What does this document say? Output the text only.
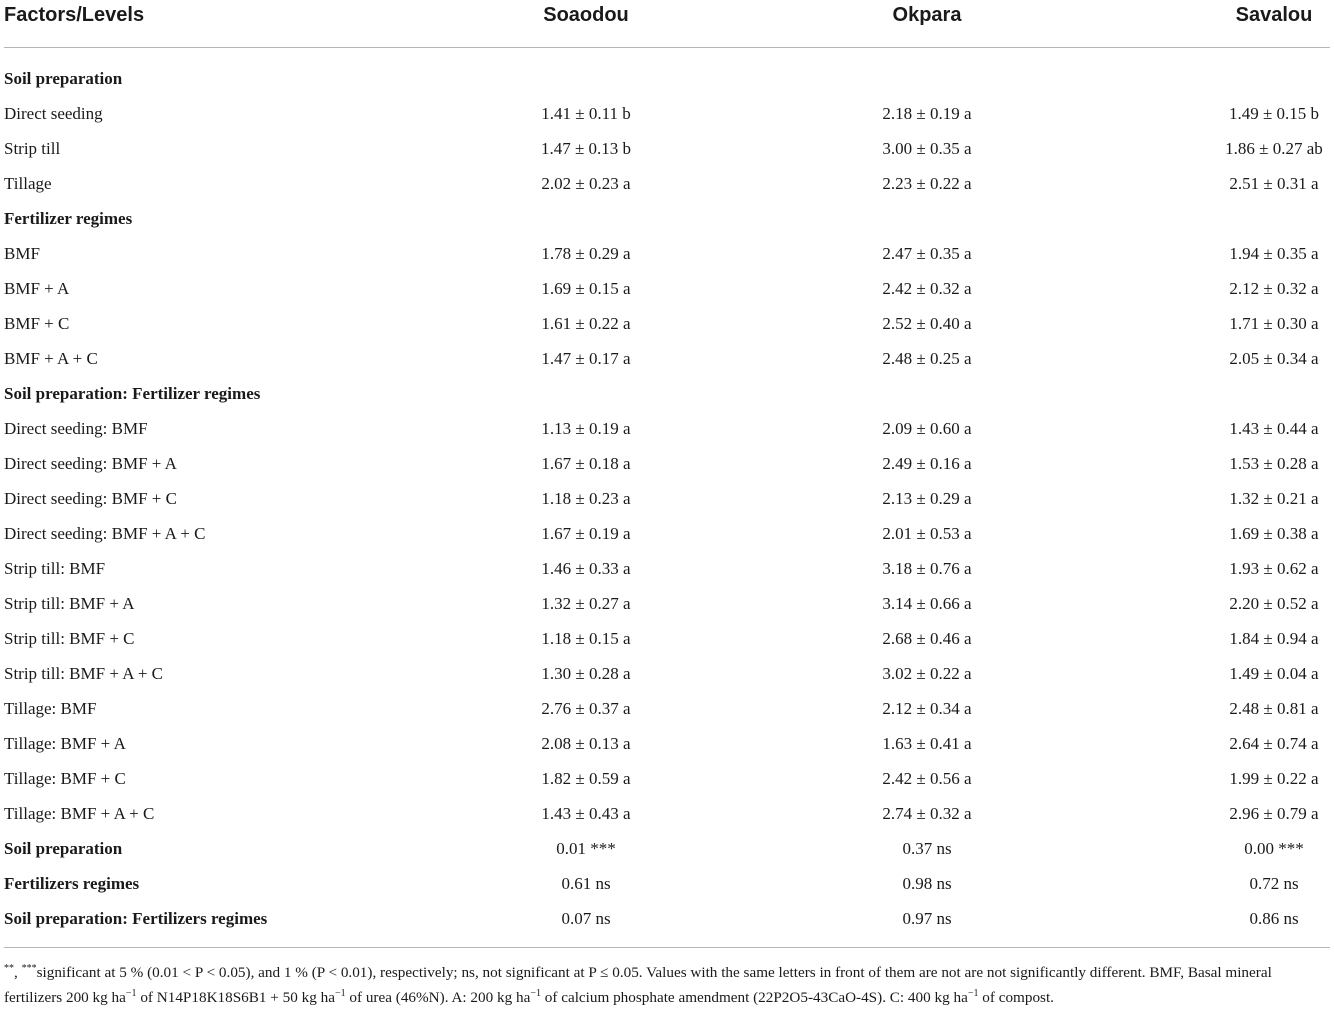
Factors/Levels	Soaodou	Okpara	Savalou
Soil preparation
Direct seeding	1.41 ± 0.11 b	2.18 ± 0.19 a	1.49 ± 0.15 b
Strip till	1.47 ± 0.13 b	3.00 ± 0.35 a	1.86 ± 0.27 ab
Tillage	2.02 ± 0.23 a	2.23 ± 0.22 a	2.51 ± 0.31 a
Fertilizer regimes
BMF	1.78 ± 0.29 a	2.47 ± 0.35 a	1.94 ± 0.35 a
BMF + A	1.69 ± 0.15 a	2.42 ± 0.32 a	2.12 ± 0.32 a
BMF + C	1.61 ± 0.22 a	2.52 ± 0.40 a	1.71 ± 0.30 a
BMF + A + C	1.47 ± 0.17 a	2.48 ± 0.25 a	2.05 ± 0.34 a
Soil preparation: Fertilizer regimes
Direct seeding: BMF	1.13 ± 0.19 a	2.09 ± 0.60 a	1.43 ± 0.44 a
Direct seeding: BMF + A	1.67 ± 0.18 a	2.49 ± 0.16 a	1.53 ± 0.28 a
Direct seeding: BMF + C	1.18 ± 0.23 a	2.13 ± 0.29 a	1.32 ± 0.21 a
Direct seeding: BMF + A + C	1.67 ± 0.19 a	2.01 ± 0.53 a	1.69 ± 0.38 a
Strip till: BMF	1.46 ± 0.33 a	3.18 ± 0.76 a	1.93 ± 0.62 a
Strip till: BMF + A	1.32 ± 0.27 a	3.14 ± 0.66 a	2.20 ± 0.52 a
Strip till: BMF + C	1.18 ± 0.15 a	2.68 ± 0.46 a	1.84 ± 0.94 a
Strip till: BMF + A + C	1.30 ± 0.28 a	3.02 ± 0.22 a	1.49 ± 0.04 a
Tillage: BMF	2.76 ± 0.37 a	2.12 ± 0.34 a	2.48 ± 0.81 a
Tillage: BMF + A	2.08 ± 0.13 a	1.63 ± 0.41 a	2.64 ± 0.74 a
Tillage: BMF + C	1.82 ± 0.59 a	2.42 ± 0.56 a	1.99 ± 0.22 a
Tillage: BMF + A + C	1.43 ± 0.43 a	2.74 ± 0.32 a	2.96 ± 0.79 a
Soil preparation	0.01 ***	0.37 ns	0.00 ***
Fertilizers regimes	0.61 ns	0.98 ns	0.72 ns
Soil preparation: Fertilizers regimes	0.07 ns	0.97 ns	0.86 ns
**, ***significant at 5 % (0.01 < P < 0.05), and 1 % (P < 0.01), respectively; ns, not significant at P ≤ 0.05. Values with the same letters in front of them are not are not significantly different. BMF, Basal mineral fertilizers 200 kg $ha^{-1}$ of N14P18K18S6B1 + 50 kg $ha^{-1}$ of urea (46%N). A: 200 kg $ha^{-1}$ of calcium phosphate amendment (22P2O5-43CaO-4S). C: 400 kg $ha^{-1}$ of compost.
